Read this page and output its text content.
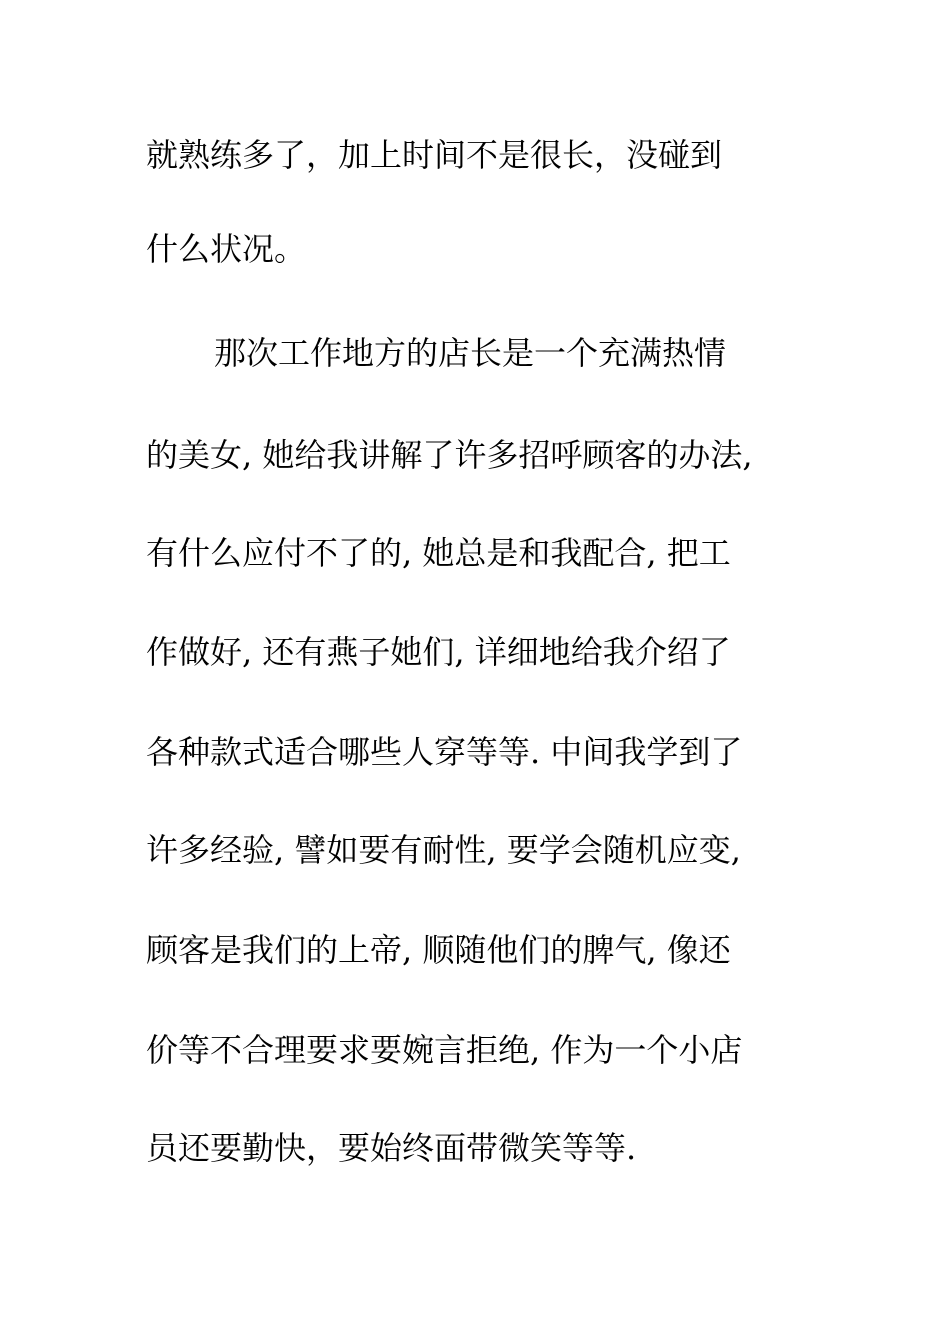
就熟练多了，加上时间不是很长，没碰到
什么状况。
那次工作地方的店长是一个充满热情
的美女, 她给我讲解了许多招呼顾客的办法,
有什么应付不了的, 她总是和我配合, 把工
作做好, 还有燕子她们, 详细地给我介绍了
各种款式适合哪些人穿等等. 中间我学到了
许多经验, 譬如要有耐性, 要学会随机应变,
顾客是我们的上帝, 顺随他们的脾气, 像还
价等不合理要求要婉言拒绝, 作为一个小店
员还要勤快，要始终面带微笑等等.
